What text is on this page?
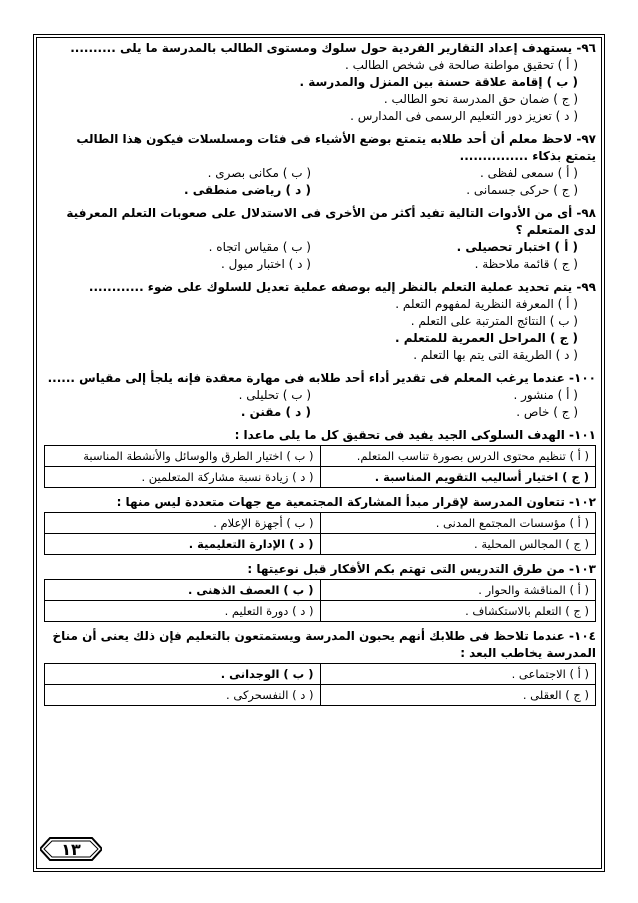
٩٦- يستهدف إعداد التقارير الفردية حول سلوك ومستوى الطالب بالمدرسة ما يلى ..........
( أ ) تحقيق مواطنة صالحة فى شخص الطالب .
( ب ) إقامة علاقة حسنة بين المنزل والمدرسة .
( ج ) ضمان حق المدرسة نحو الطالب .
( د ) تعزيز دور التعليم الرسمى فى المدارس .
٩٧- لاحظ معلم أن أحد طلابه يتمتع بوضع الأشياء فى فئات ومسلسلات فيكون هذا الطالب
يتمتع بذكاء ...............
( أ ) سمعى لفظى .
( ب ) مكانى بصرى .
( ج ) حركى جسمانى .
( د ) رياضى منطقى .
٩٨- أى من الأدوات التالية تفيد أكثر من الأخرى فى الاستدلال على صعوبات التعلم المعرفية
لدى المتعلم ؟
( أ ) اختبار تحصيلى .
( ب ) مقياس اتجاه .
( ج ) قائمة ملاحظة .
( د ) اختبار ميول .
٩٩- يتم تحديد عملية التعلم بالنظر إليه بوصفه عملية تعديل للسلوك على ضوء ............
( أ ) المعرفة النظرية لمفهوم التعلم .
( ب ) النتائج المترتبة على التعلم .
( ج ) المراحل العمرية للمتعلم .
( د ) الطريقة التى يتم بها التعلم .
١٠٠- عندما يرغب المعلم فى تقدير أداء أحد طلابه فى مهارة معقدة فإنه يلجأ إلى مقياس ......
( أ ) منشور .
( ب ) تحليلى .
( ج ) خاص .
( د ) مقنن .
١٠١- الهدف السلوكى الجيد يفيد فى تحقيق كل ما يلى ماعدا :
( أ ) تنظيم محتوى الدرس بصورة تناسب المتعلم.	( ب ) اختيار الطرق والوسائل والأنشطة المناسبة
( ج ) اختيار أساليب التقويم المناسبة .	( د ) زيادة نسبة مشاركة المتعلمين .
١٠٢- تتعاون المدرسة لإقرار مبدأ المشاركة المجتمعية مع جهات متعددة ليس منها :
( أ ) مؤسسات المجتمع المدنى .	( ب ) أجهزة الإعلام .
( ج ) المجالس المحلية .	( د ) الإدارة التعليمية .
١٠٣- من طرق التدريس التى تهتم بكم الأفكار قبل نوعيتها :
( أ ) المناقشة والحوار .	( ب ) العصف الذهنى .
( ج ) التعلم بالاستكشاف .	( د ) دورة التعليم .
١٠٤- عندما تلاحظ فى طلابك أنهم يحبون المدرسة ويستمتعون بالتعليم فإن ذلك يعنى أن مناخ
المدرسة يخاطب البعد :
( أ ) الاجتماعى .	( ب ) الوجدانى .
( ج ) العقلى .	( د ) النفسحركى .
١٣
